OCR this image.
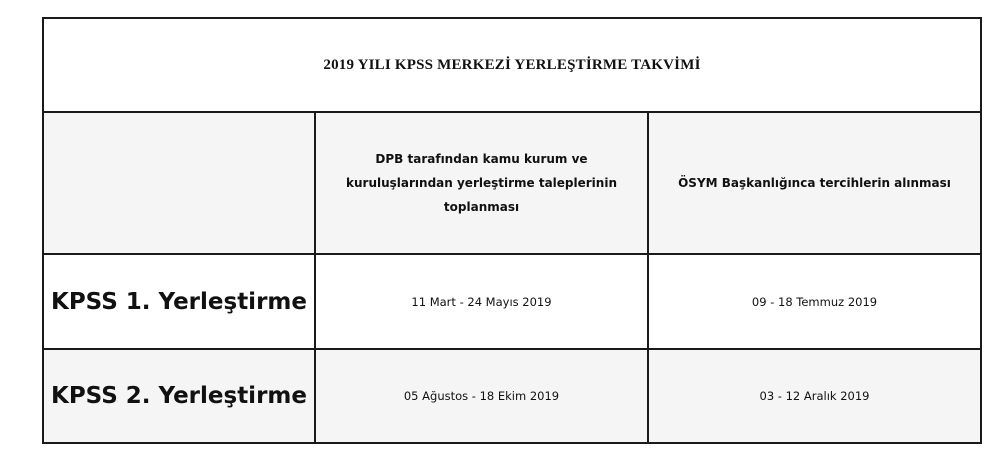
2019 YILI KPSS MERKEZİ YERLEŞTİRME TAKVİMİ		

	DPB tarafından kamu kurum ve kuruluşlarından yerleştirme taleplerinin toplanması	ÖSYM Başkanlığınca tercihlerin alınması

KPSS 1. Yerleştirme	11 Mart - 24 Mayıs 2019	09 - 18 Temmuz 2019
KPSS 2. Yerleştirme	05 Ağustos - 18 Ekim 2019	03 - 12 Aralık 2019
